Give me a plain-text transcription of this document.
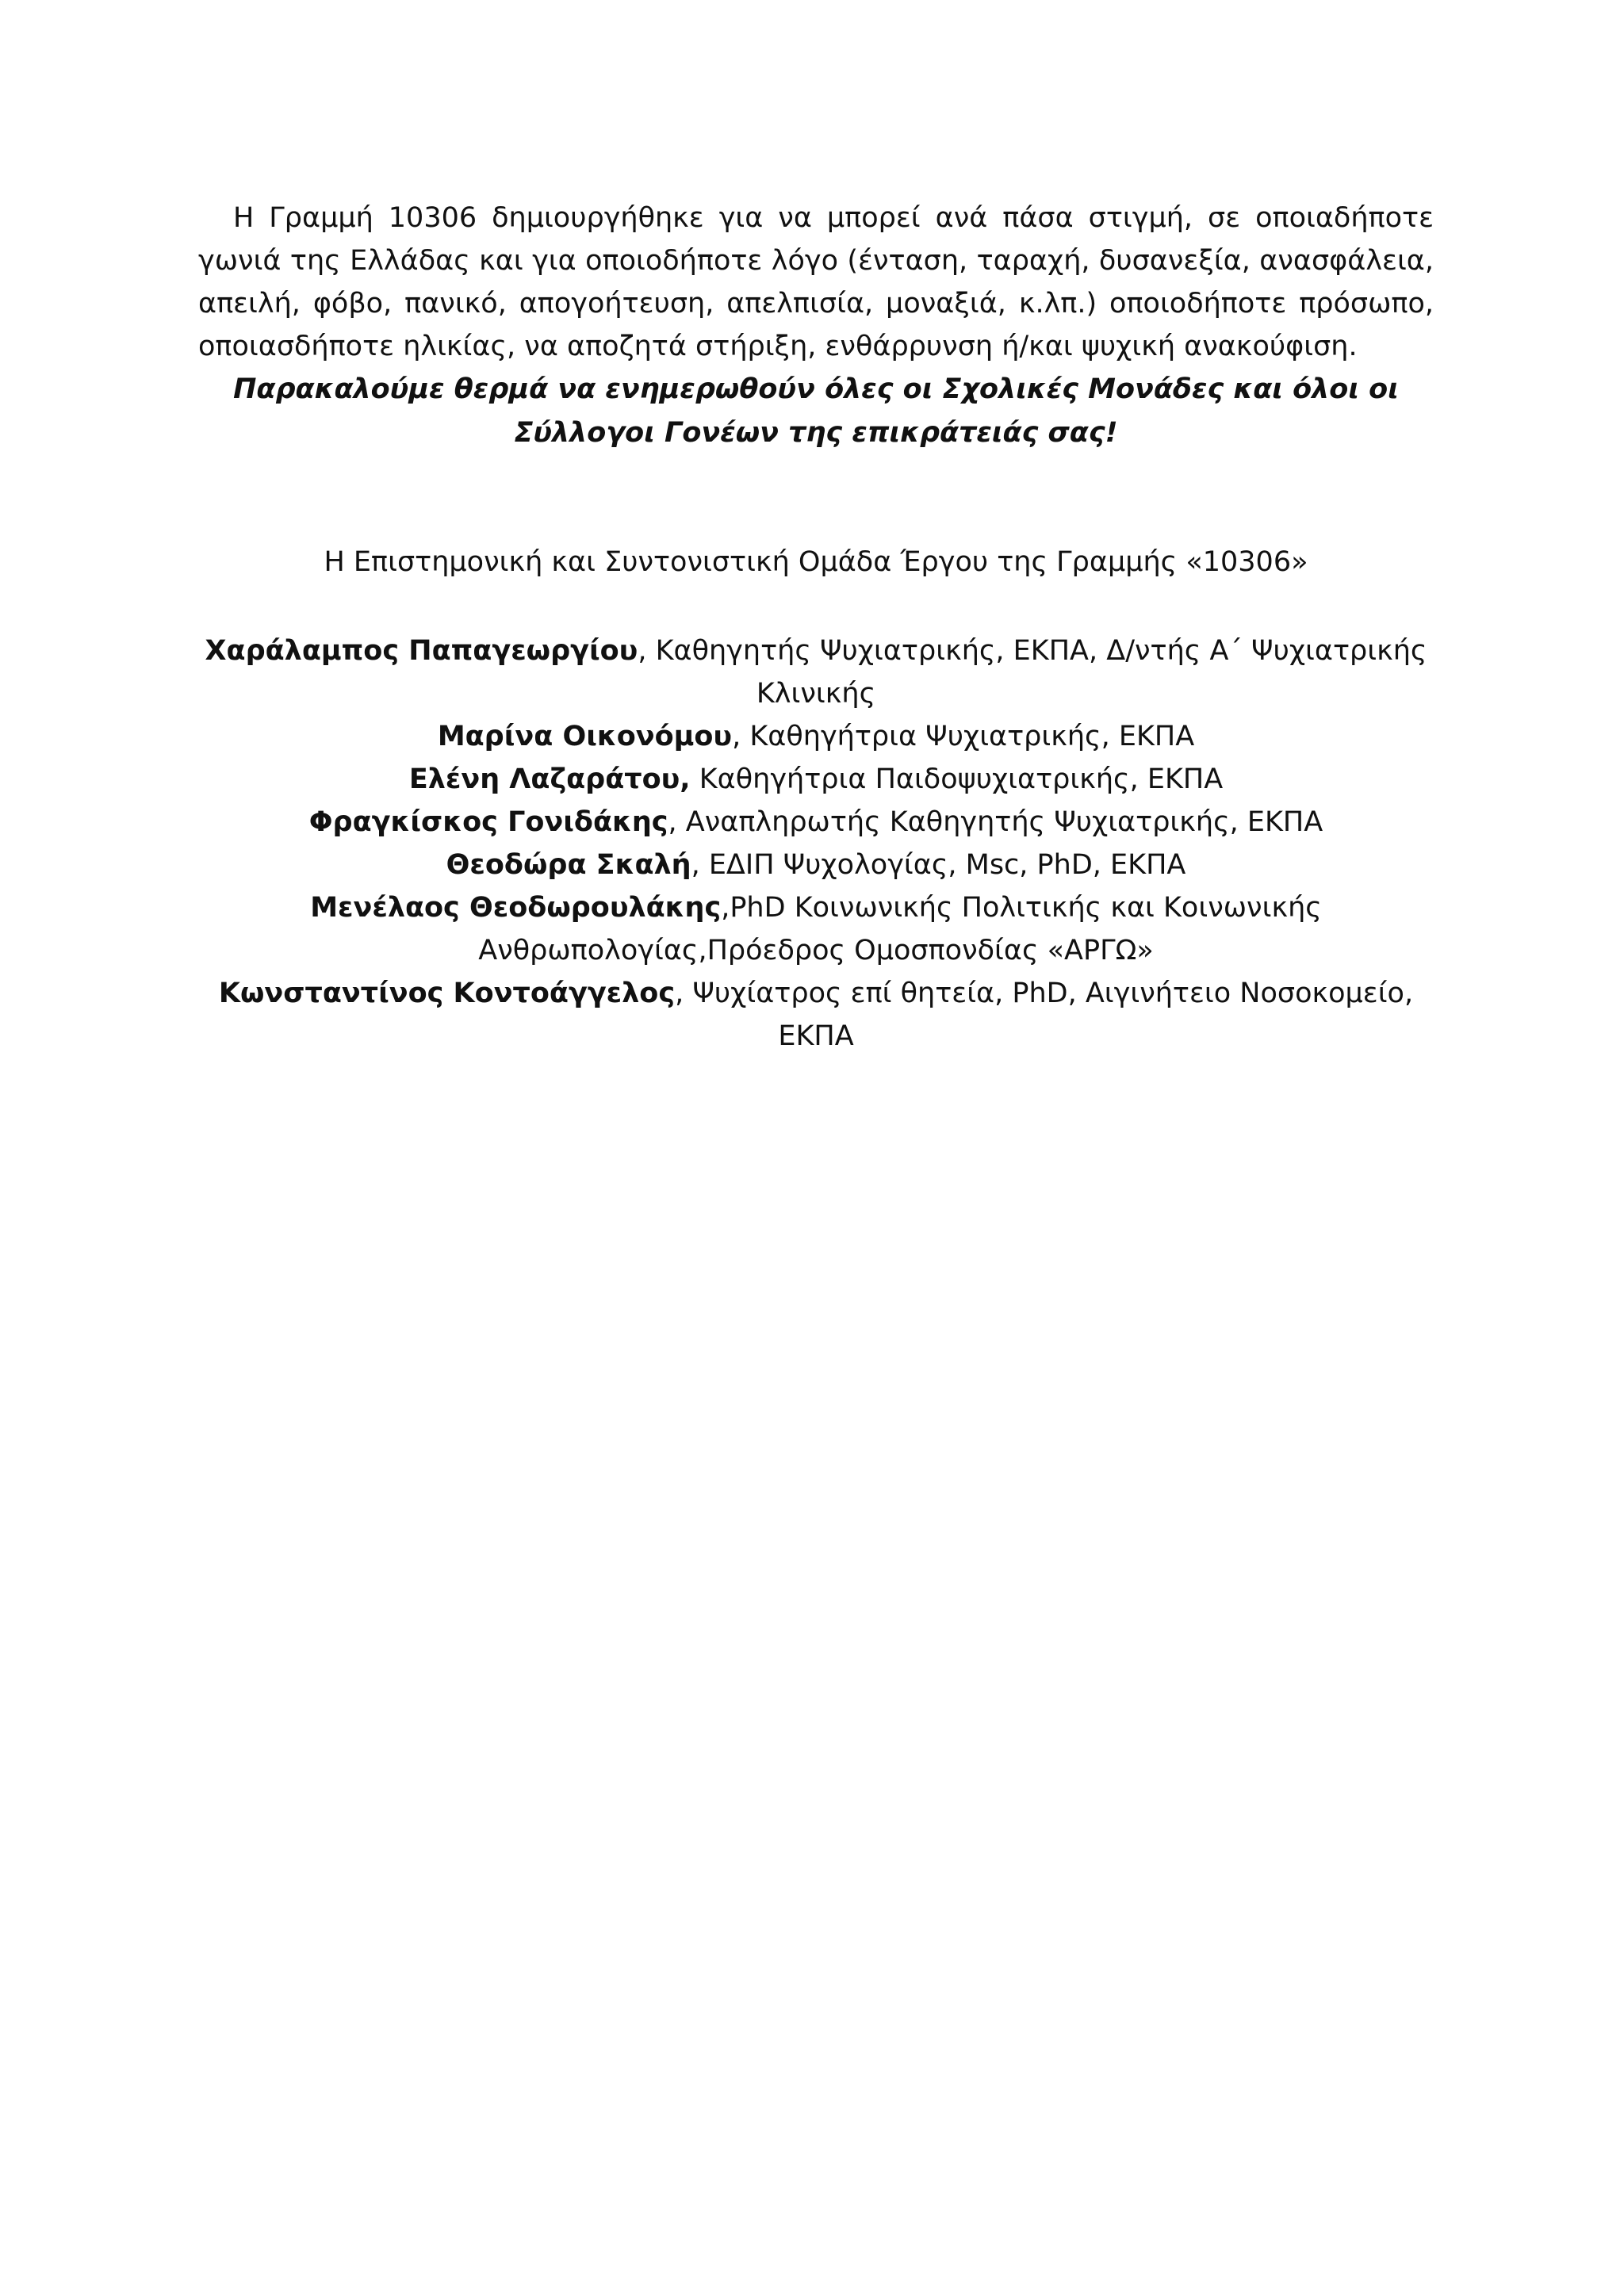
Η Γραμμή 10306 δημιουργήθηκε για να μπορεί ανά πάσα στιγμή, σε οποιαδήποτε γωνιά της Ελλάδας και για οποιοδήποτε λόγο (ένταση, ταραχή, δυσανεξία, ανασφάλεια, απειλή, φόβο, πανικό, απογοήτευση, απελπισία, μοναξιά, κ.λπ.) οποιοδήποτε πρόσωπο, οποιασδήποτε ηλικίας, να αποζητά στήριξη, ενθάρρυνση ή/και ψυχική ανακούφιση.

Παρακαλούμε θερμά να ενημερωθούν όλες οι Σχολικές Μονάδες και όλοι οι Σύλλογοι Γονέων της επικράτειάς σας!

Η Επιστημονική και Συντονιστική Ομάδα Έργου της Γραμμής «10306»

Χαράλαμπος Παπαγεωργίου, Καθηγητής Ψυχιατρικής, ΕΚΠΑ, Δ/ντής Α΄ Ψυχιατρικής Κλινικής
Μαρίνα Οικονόμου, Καθηγήτρια Ψυχιατρικής, ΕΚΠΑ
Ελένη Λαζαράτου, Καθηγήτρια Παιδοψυχιατρικής, ΕΚΠΑ
Φραγκίσκος Γονιδάκης, Αναπληρωτής Καθηγητής Ψυχιατρικής, ΕΚΠΑ
Θεοδώρα Σκαλή, ΕΔΙΠ Ψυχολογίας, Msc, PhD, ΕΚΠΑ
Μενέλαος Θεοδωρουλάκης,PhD Κοινωνικής Πολιτικής και Κοινωνικής Ανθρωπολογίας,Πρόεδρος Ομοσπονδίας «ΑΡΓΩ»
Κωνσταντίνος Κοντοάγγελος, Ψυχίατρος επί θητεία, PhD, Αιγινήτειο Νοσοκομείο, ΕΚΠΑ
